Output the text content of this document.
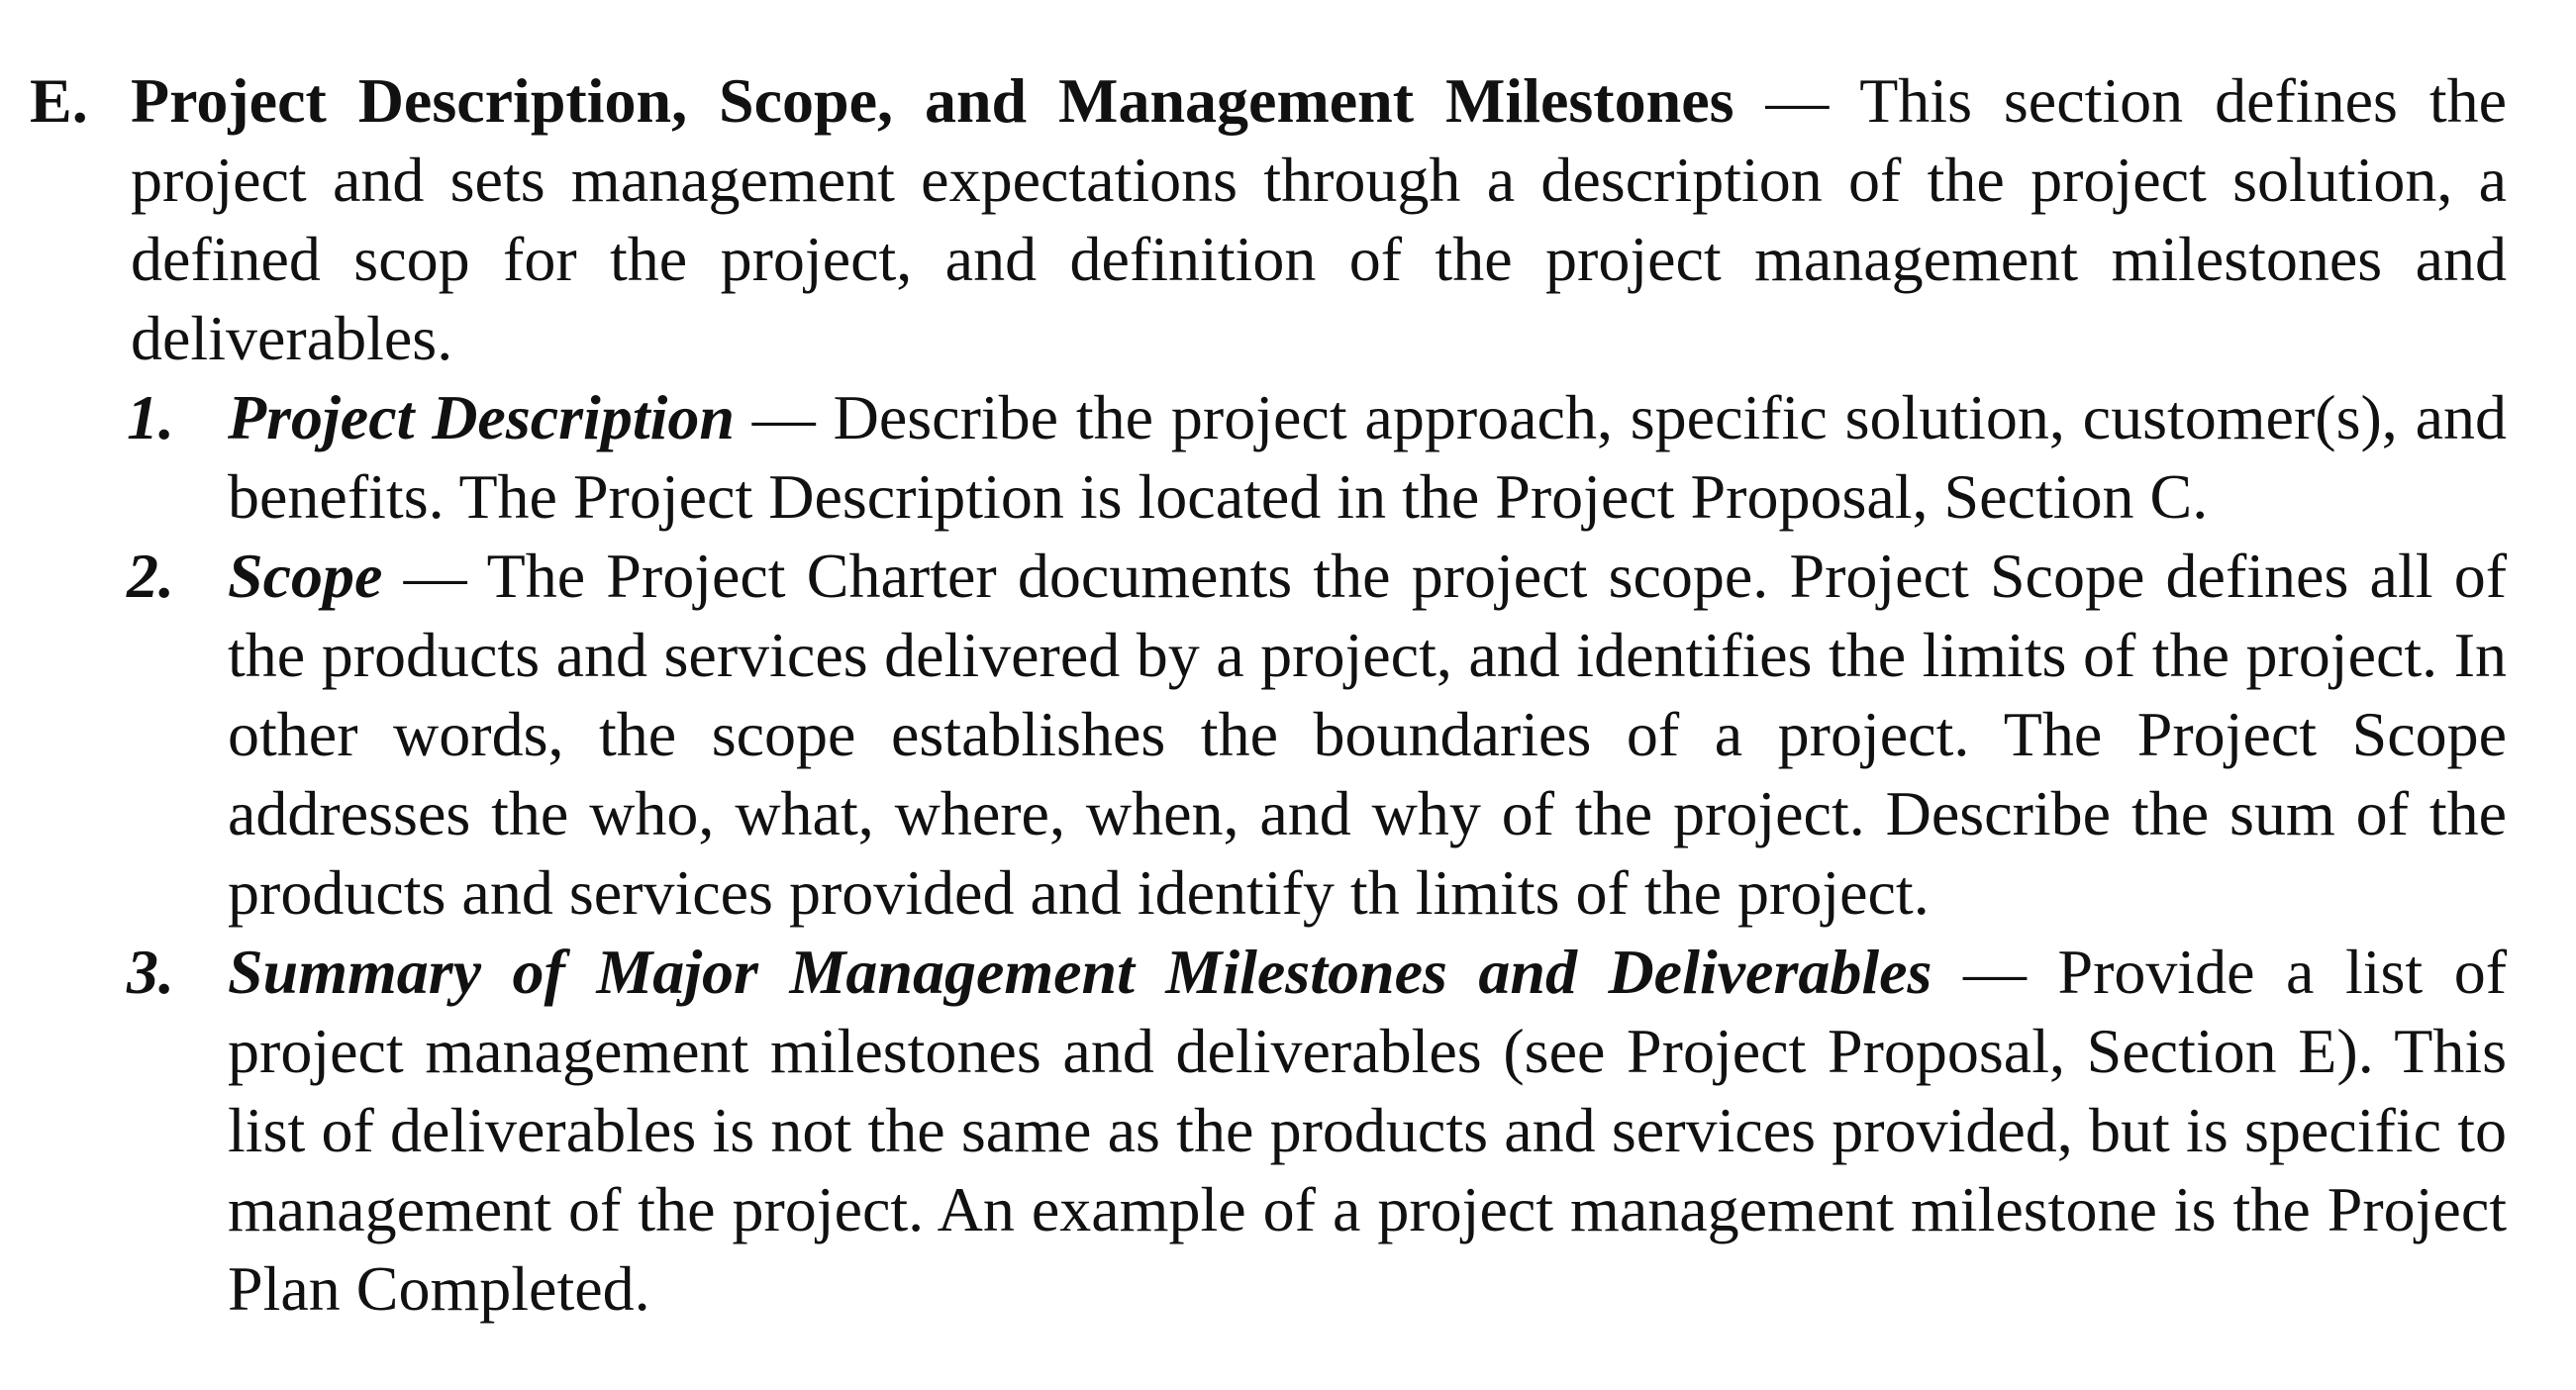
E. Project Description, Scope, and Management Milestones — This section defines the project and sets management expectations through a description of the project solution, a defined scop for the project, and definition of the project management milestones and deliverables.
1. Project Description — Describe the project approach, specific solution, customer(s), and benefits. The Project Description is located in the Project Proposal, Section C.
2. Scope — The Project Charter documents the project scope. Project Scope defines all of the products and services delivered by a project, and identifies the limits of the project. In other words, the scope establishes the boundaries of a project. The Project Scope addresses the who, what, where, when, and why of the project. Describe the sum of the products and services provided and identify th limits of the project.
3. Summary of Major Management Milestones and Deliverables — Provide a list of project management milestones and deliverables (see Project Proposal, Section E). This list of deliverables is not the same as the products and services provided, but is specific to management of the project. An example of a project management milestone is the Project Plan Completed.
